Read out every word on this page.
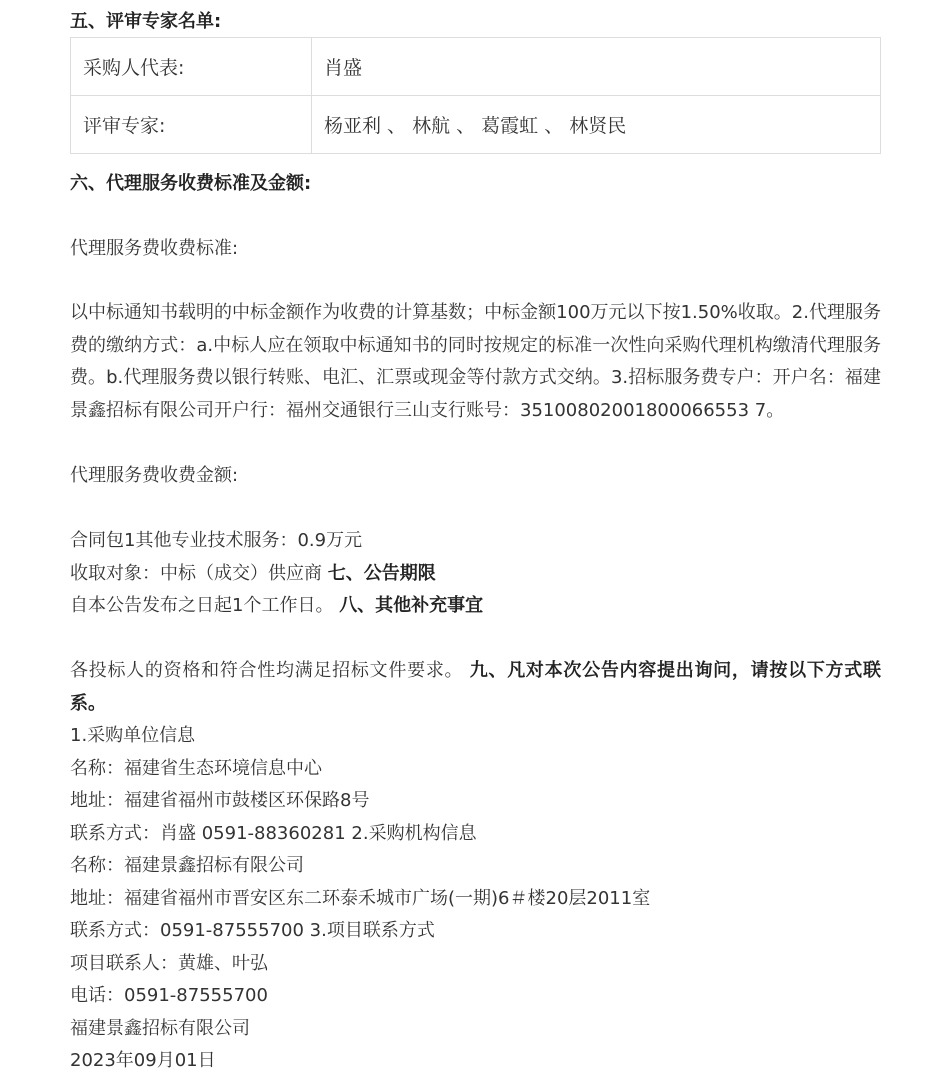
五、评审专家名单:
采购人代表:	肖盛
评审专家:	杨亚利 、 林航 、 葛霞虹 、 林贤民
六、代理服务收费标准及金额:
代理服务费收费标准:
以中标通知书载明的中标金额作为收费的计算基数；中标金额100万元以下按1.50%收取。2.代理服务费的缴纳方式：a.中标人应在领取中标通知书的同时按规定的标准一次性向采购代理机构缴清代理服务费。b.代理服务费以银行转账、电汇、汇票或现金等付款方式交纳。3.招标服务费专户：开户名：福建景鑫招标有限公司开户行：福州交通银行三山支行账号：35100802001800066553 7。
代理服务费收费金额:
合同包1其他专业技术服务：0.9万元
收取对象：中标（成交）供应商 七、公告期限
自本公告发布之日起1个工作日。 八、其他补充事宜
各投标人的资格和符合性均满足招标文件要求。 九、凡对本次公告内容提出询问，请按以下方式联系。
1.采购单位信息
名称：福建省生态环境信息中心
地址：福建省福州市鼓楼区环保路8号
联系方式：肖盛 0591-88360281 2.采购机构信息
名称：福建景鑫招标有限公司
地址：福建省福州市晋安区东二环泰禾城市广场(一期)6＃楼20层2011室
联系方式：0591-87555700 3.项目联系方式
项目联系人：黄雄、叶弘
电话：0591-87555700
福建景鑫招标有限公司
2023年09月01日
